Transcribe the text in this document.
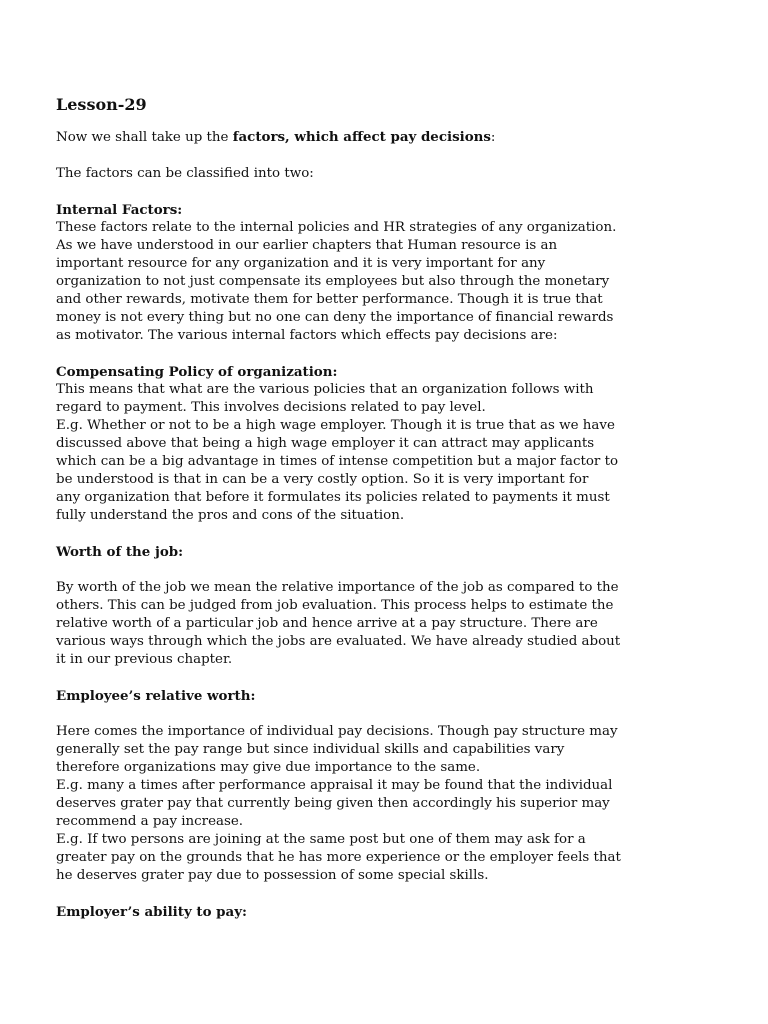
Lesson-29

Now we shall take up the factors, which affect pay decisions:

The factors can be classified into two:

Internal Factors:

These factors relate to the internal policies and HR strategies of any organization.
As we have understood in our earlier chapters that Human resource is an
important resource for any organization and it is very important for any
organization to not just compensate its employees but also through the monetary
and other rewards, motivate them for better performance. Though it is true that
money is not every thing but no one can deny the importance of financial rewards
as motivator. The various internal factors which effects pay decisions are:

Compensating Policy of organization:

This means that what are the various policies that an organization follows with
regard to payment. This involves decisions related to pay level.
E.g. Whether or not to be a high wage employer. Though it is true that as we have
discussed above that being a high wage employer it can attract may applicants
which can be a big advantage in times of intense competition but a major factor to
be understood is that in can be a very costly option. So it is very important for
any organization that before it formulates its policies related to payments it must
fully understand the pros and cons of the situation.

Worth of the job:

By worth of the job we mean the relative importance of the job as compared to the
others. This can be judged from job evaluation. This process helps to estimate the
relative worth of a particular job and hence arrive at a pay structure. There are
various ways through which the jobs are evaluated. We have already studied about
it in our previous chapter.

Employee’s relative worth:

Here comes the importance of individual pay decisions. Though pay structure may
generally set the pay range but since individual skills and capabilities vary
therefore organizations may give due importance to the same.
E.g. many a times after performance appraisal it may be found that the individual
deserves grater pay that currently being given then accordingly his superior may
recommend a pay increase.
E.g. If two persons are joining at the same post but one of them may ask for a
greater pay on the grounds that he has more experience or the employer feels that
he deserves grater pay due to possession of some special skills.

Employer’s ability to pay:
